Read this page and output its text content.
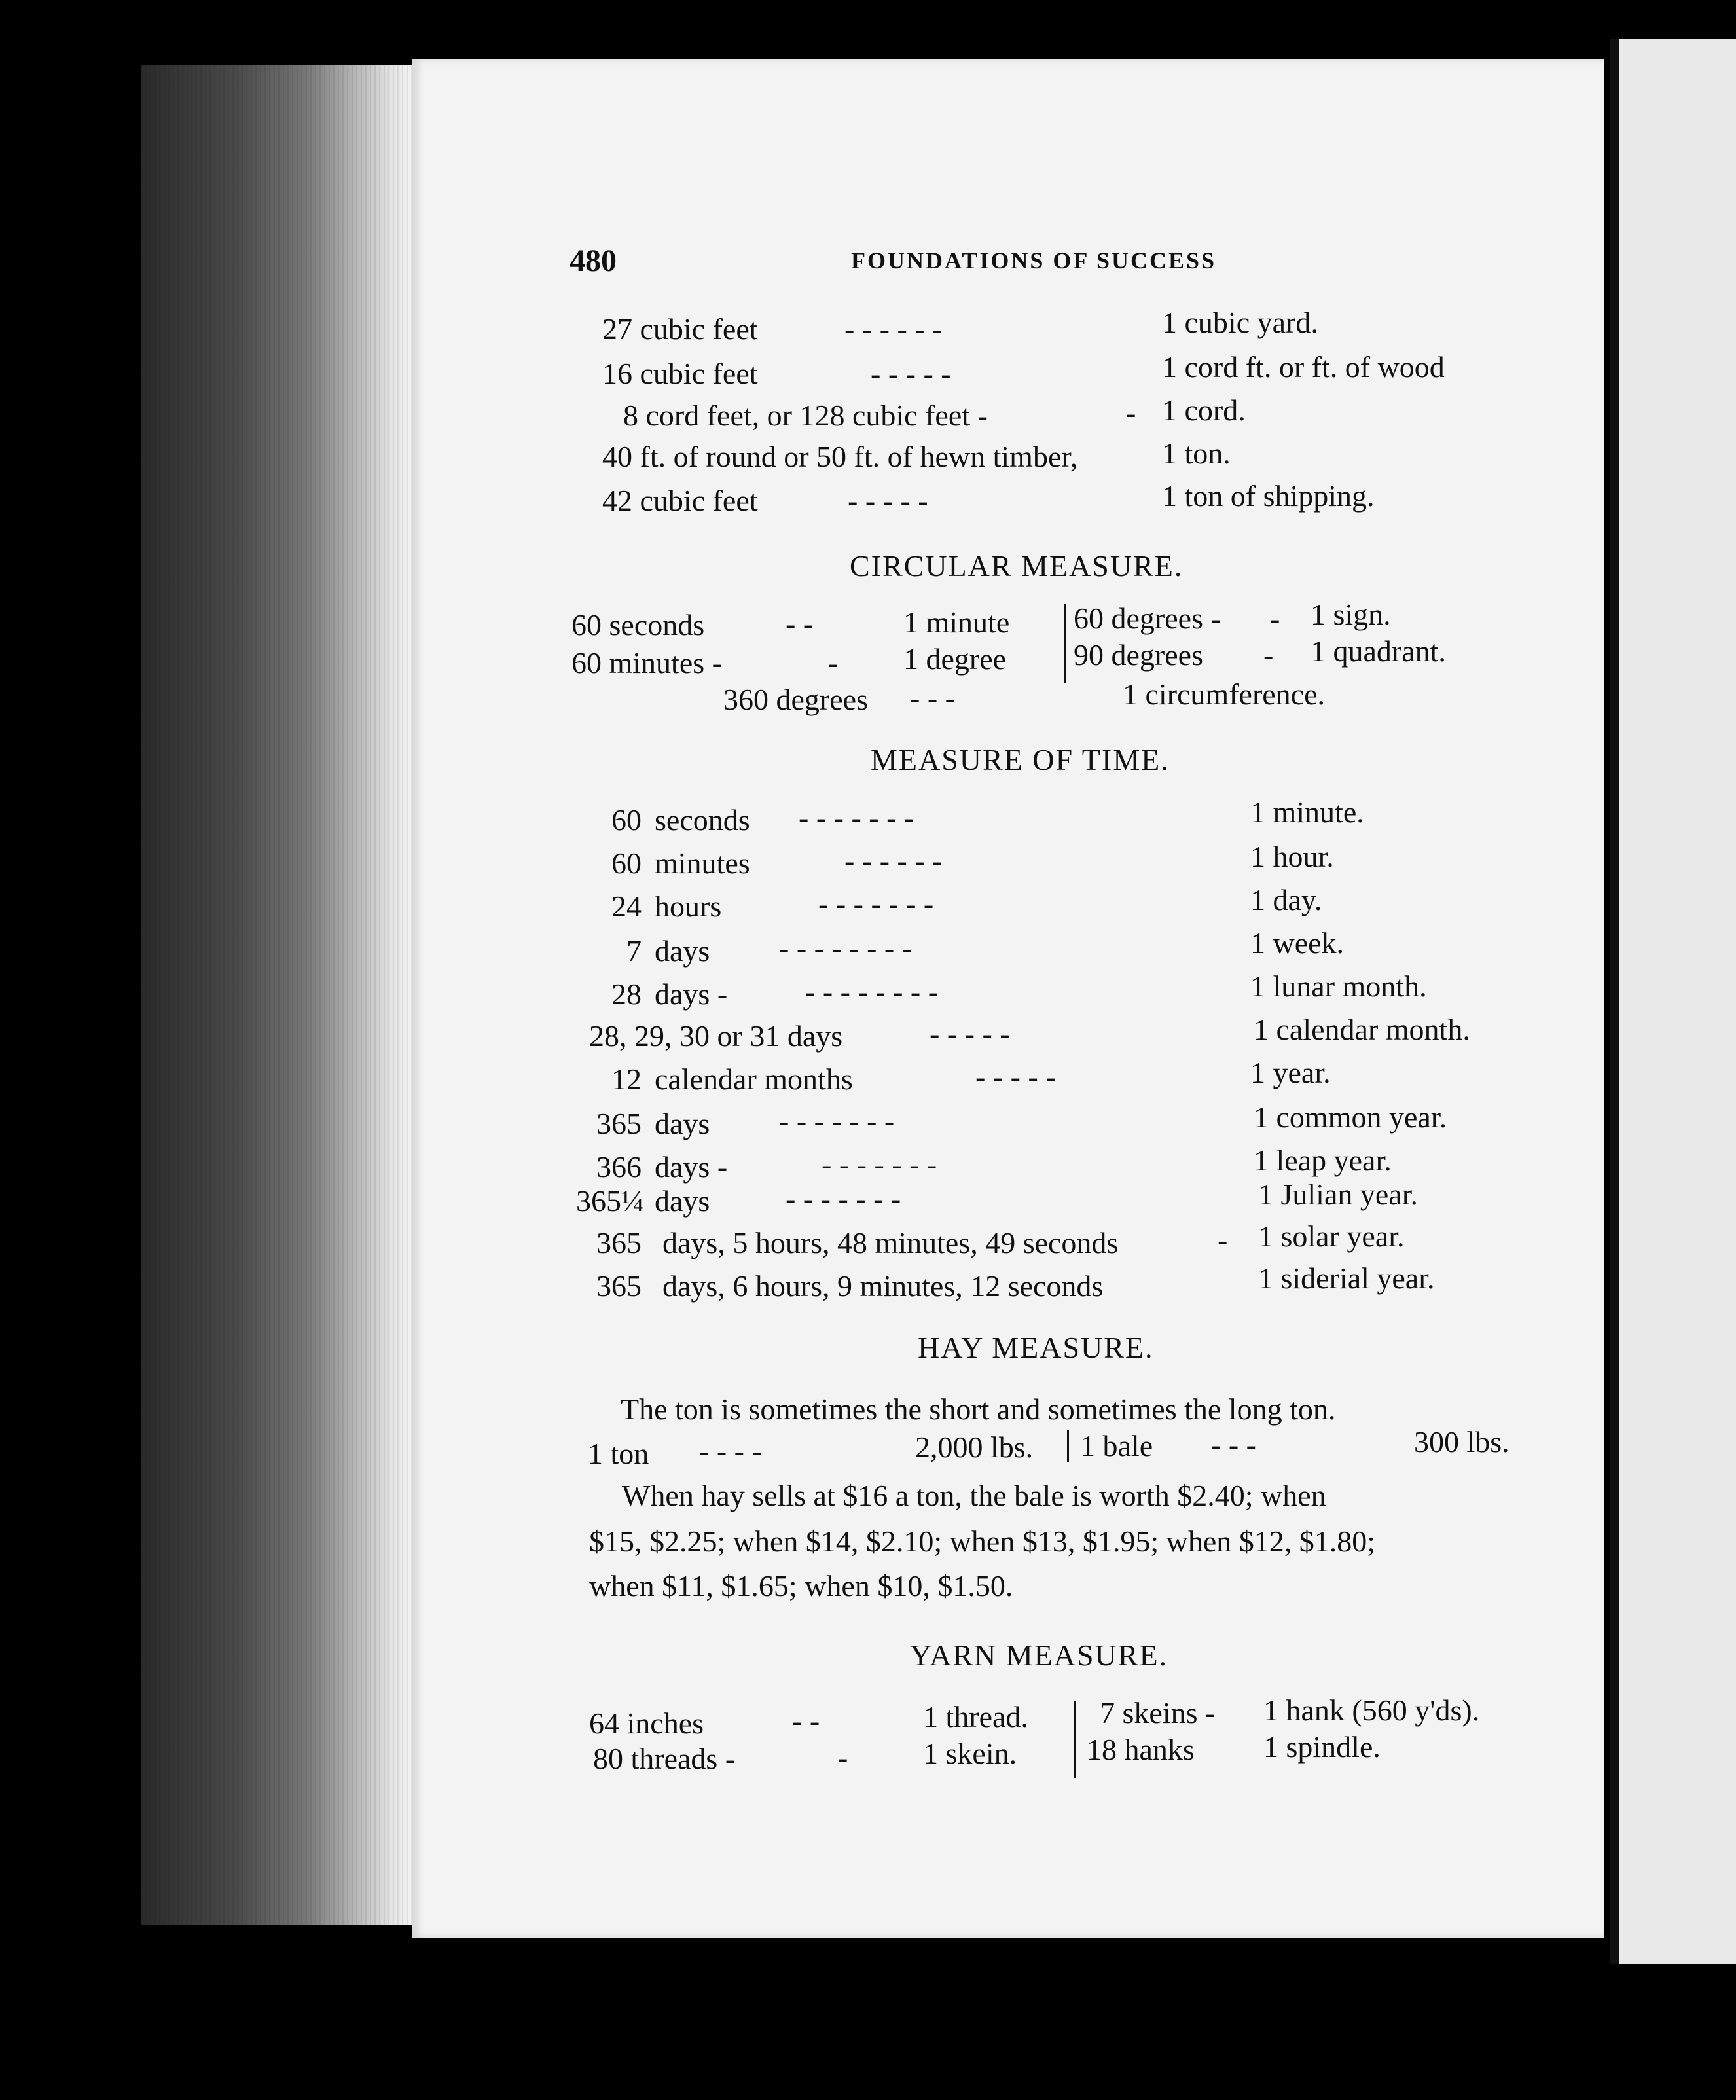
480	FOUNDATIONS OF SUCCESS
27 cubic feet	- - - - - -	1 cubic yard.
16 cubic feet	- - - - -	1 cord ft. or ft. of wood
8 cord feet, or 128 cubic feet -	- 1 cord.
40 ft. of round or 50 ft. of hewn timber,	1 ton.
42 cubic feet	- - - - -	1 ton of shipping.
CIRCULAR MEASURE.
60 seconds	- -	1 minute
60 minutes -	- 1 degree
60 degrees - - 1 sign.
90 degrees - 1 quadrant.
360 degrees - - -	1 circumference.
MEASURE OF TIME.
60 seconds - - - - - - -	1 minute.
60 minutes	- - - - - -	1 hour.
24 hours	- - - - - - -	1 day.
7 days - - - - - - - -	1 week.
28 days -	- - - - - - - -	1 lunar month.
28, 29, 30 or 31 days	- - - - -	1 calendar month.
12 calendar months	- - - - -	1 year.
365 days - - - - - - -	1 common year.
366 days -	- - - - - - -	1 leap year.
365¼ days	- - - - - - -	1 Julian year.
365 days, 5 hours, 48 minutes, 49 seconds	- 1 solar year.
365 days, 6 hours, 9 minutes, 12 seconds	1 siderial year.
HAY MEASURE.
The ton is sometimes the short and sometimes the long ton.
1 ton - - - -	2,000 lbs. 1 bale - - -	300 lbs.
When hay sells at $16 a ton, the bale is worth $2.40; when
$15, $2.25; when $14, $2.10; when $13, $1.95; when $12, $1.80;
when $11, $1.65; when $10, $1.50.
YARN MEASURE.
64 inches	- -	1 thread.
80 threads -	- 1 skein.
7 skeins - 1 hank (560 y'ds).
18 hanks 1 spindle.
